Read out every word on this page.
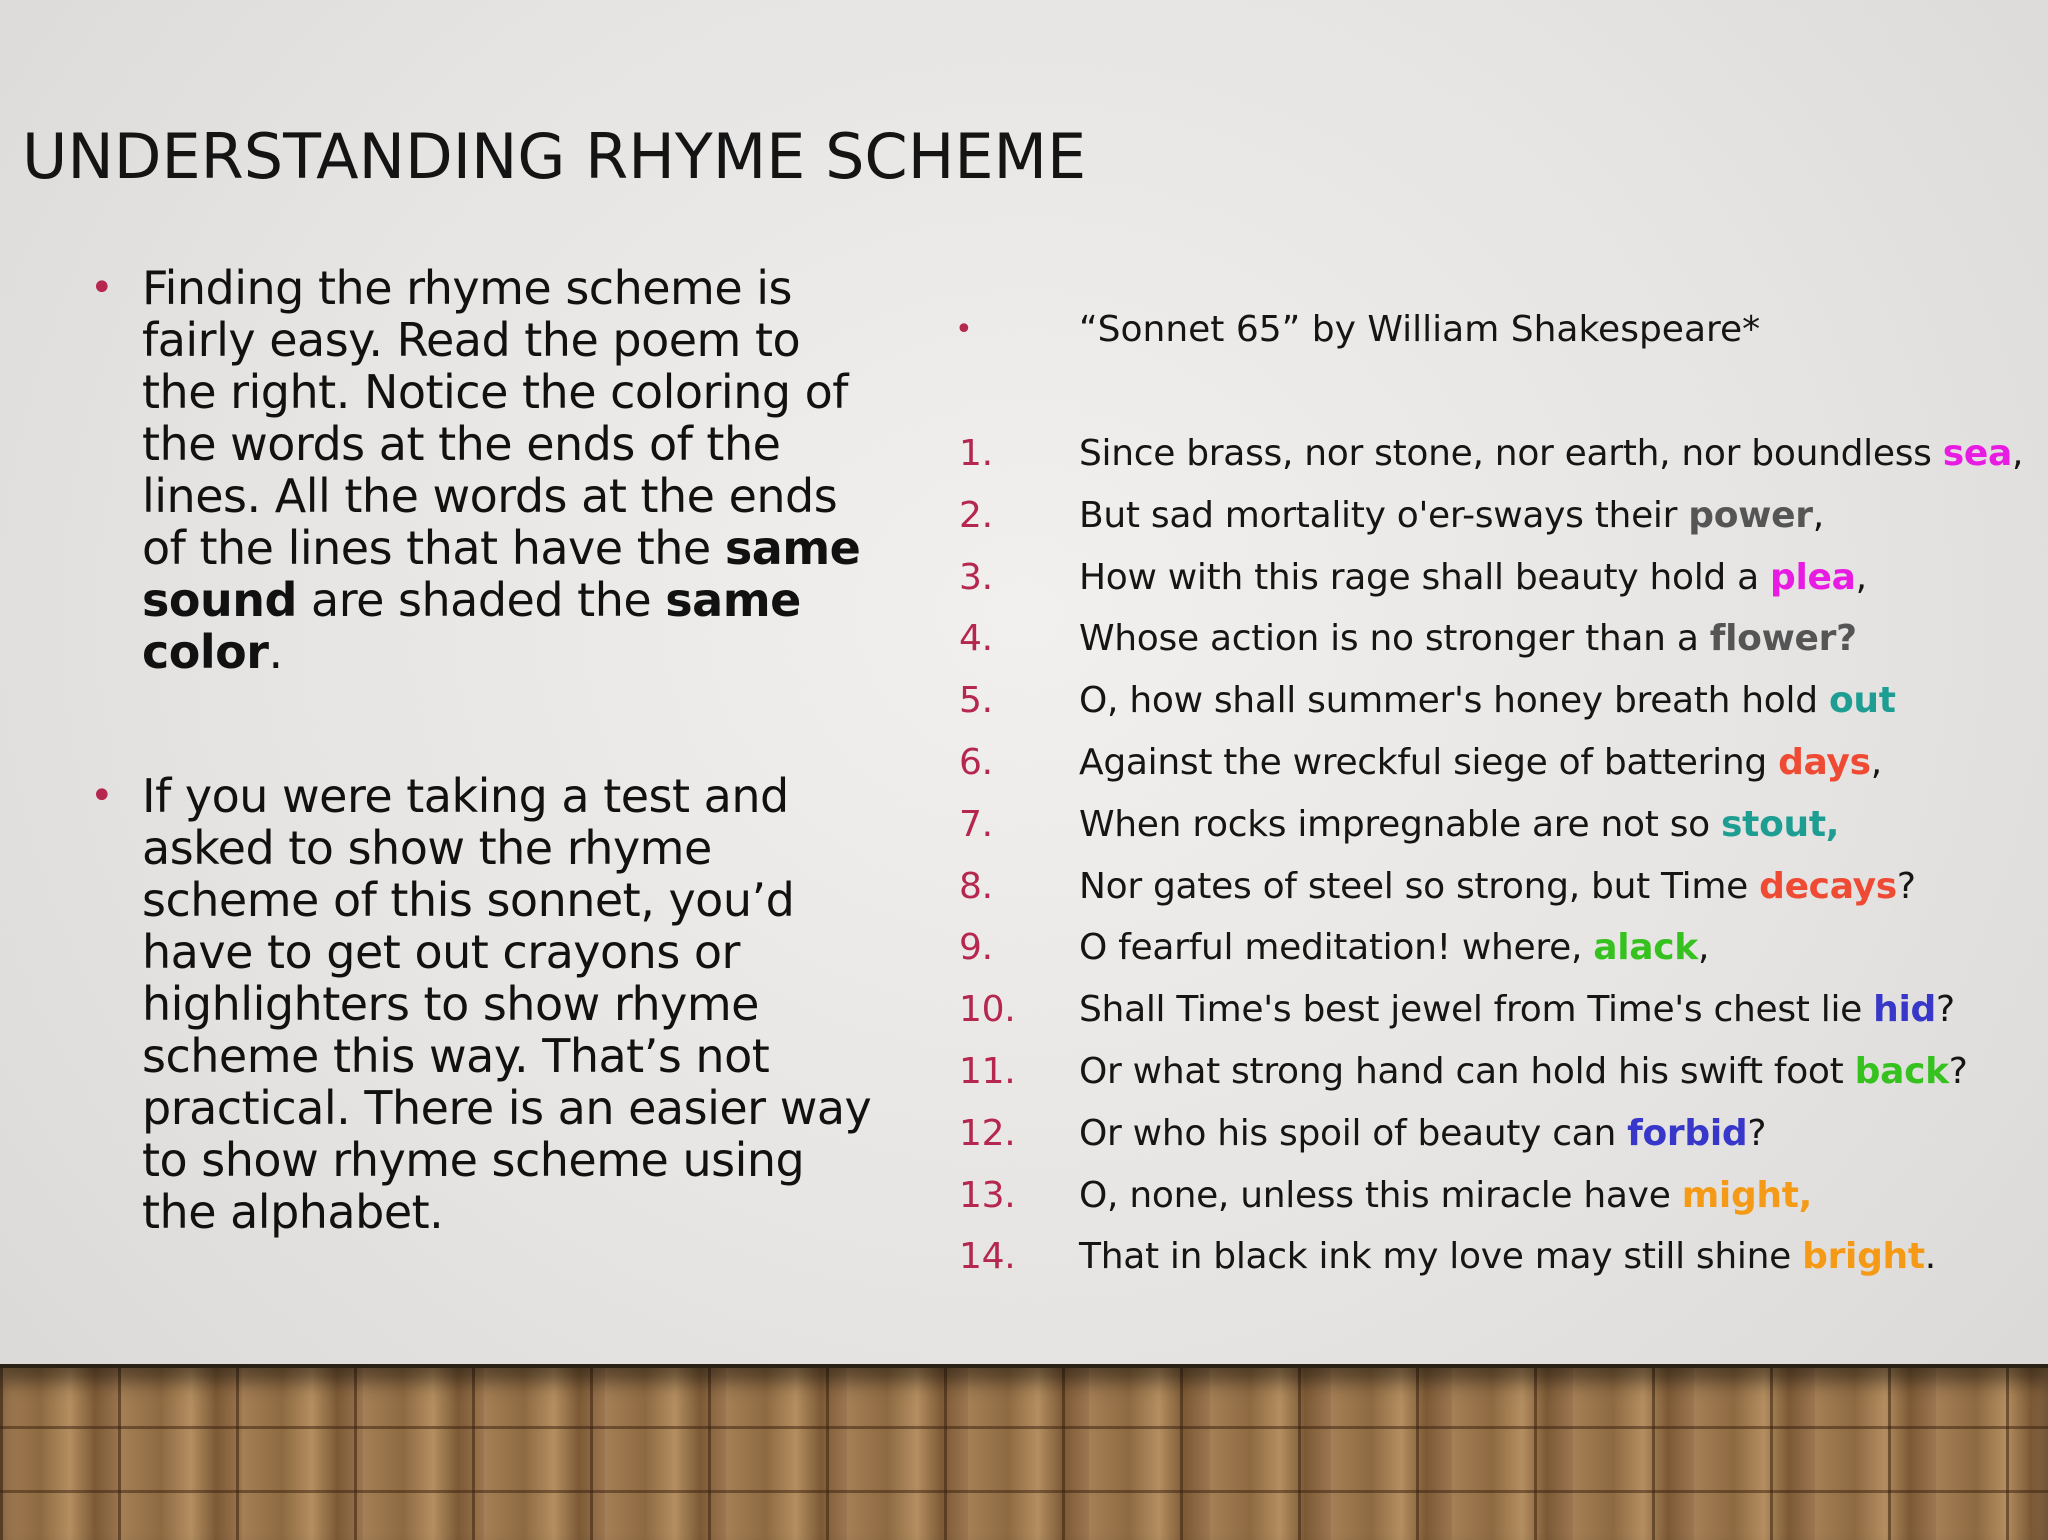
UNDERSTANDING RHYME SCHEME
• Finding the rhyme scheme is fairly easy. Read the poem to the right. Notice the coloring of the words at the ends of the lines. All the words at the ends of the lines that have the same sound are shaded the same color.
• If you were taking a test and asked to show the rhyme scheme of this sonnet, you’d have to get out crayons or highlighters to show rhyme scheme this way. That’s not practical. There is an easier way to show rhyme scheme using the alphabet.
•	“Sonnet 65” by William Shakespeare*
1. Since brass, nor stone, nor earth, nor boundless sea,
2. But sad mortality o'er-sways their power,
3. How with this rage shall beauty hold a plea,
4. Whose action is no stronger than a flower?
5. O, how shall summer's honey breath hold out
6. Against the wreckful siege of battering days,
7. When rocks impregnable are not so stout,
8. Nor gates of steel so strong, but Time decays?
9. O fearful meditation! where, alack,
10. Shall Time's best jewel from Time's chest lie hid?
11. Or what strong hand can hold his swift foot back?
12. Or who his spoil of beauty can forbid?
13. O, none, unless this miracle have might,
14. That in black ink my love may still shine bright.
